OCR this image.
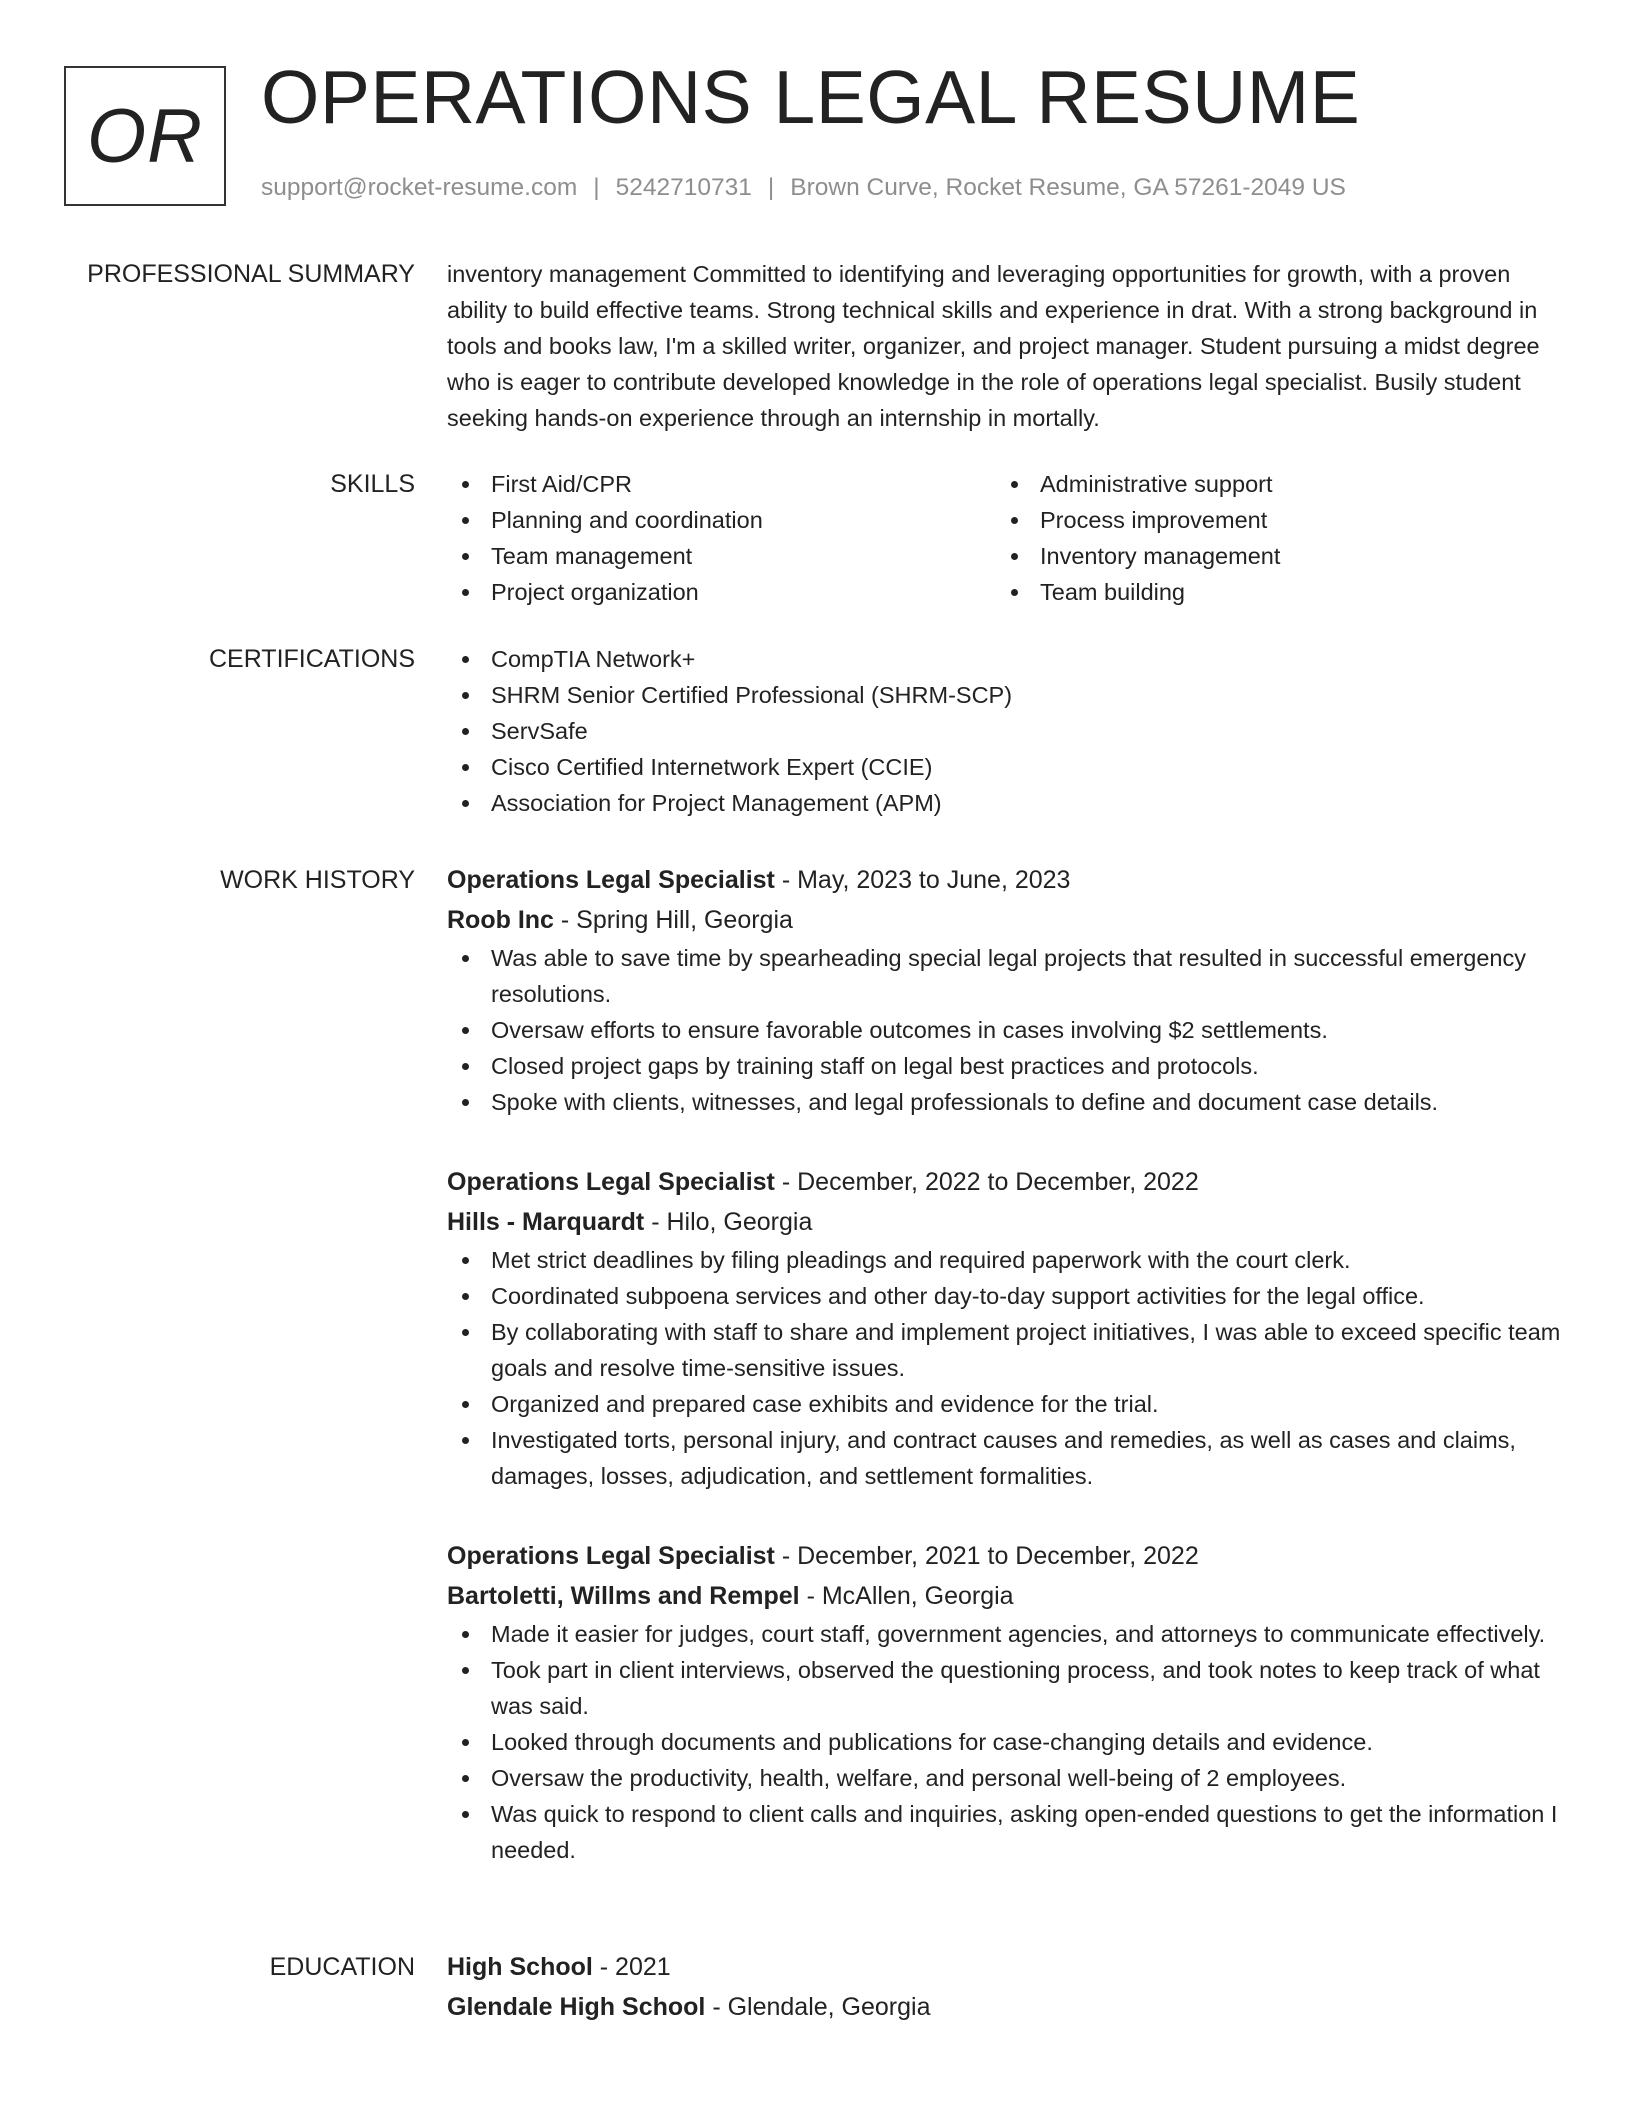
OR OPERATIONS LEGAL RESUME
support@rocket-resume.com | 5242710731 | Brown Curve, Rocket Resume, GA 57261-2049 US
PROFESSIONAL SUMMARY inventory management Committed to identifying and leveraging opportunities for growth, with a proven ability to build effective teams. Strong technical skills and experience in drat. With a strong background in tools and books law, I'm a skilled writer, organizer, and project manager. Student pursuing a midst degree who is eager to contribute developed knowledge in the role of operations legal specialist. Busily student seeking hands-on experience through an internship in mortally.

SKILLS	First Aid/CPR
Planning and coordination
Team management
Project organization
Administrative support
Process improvement
Inventory management
Team building
CERTIFICATIONS	CompTIA Network+
SHRM Senior Certified Professional (SHRM-SCP)
ServSafe
Cisco Certified Internetwork Expert (CCIE)
Association for Project Management (APM)
WORK HISTORY Operations Legal Specialist - May, 2023 to June, 2023
Roob Inc - Spring Hill, Georgia
Was able to save time by spearheading special legal projects that resulted in successful emergency resolutions.
Oversaw efforts to ensure favorable outcomes in cases involving $2 settlements.
Closed project gaps by training staff on legal best practices and protocols.
Spoke with clients, witnesses, and legal professionals to define and document case details.
Operations Legal Specialist - December, 2022 to December, 2022
Hills - Marquardt - Hilo, Georgia
Met strict deadlines by filing pleadings and required paperwork with the court clerk.
Coordinated subpoena services and other day-to-day support activities for the legal office.
By collaborating with staff to share and implement project initiatives, I was able to exceed specific team goals and resolve time-sensitive issues.
Organized and prepared case exhibits and evidence for the trial.
Investigated torts, personal injury, and contract causes and remedies, as well as cases and claims, damages, losses, adjudication, and settlement formalities.
Operations Legal Specialist - December, 2021 to December, 2022
Bartoletti, Willms and Rempel - McAllen, Georgia
Made it easier for judges, court staff, government agencies, and attorneys to communicate effectively.
Took part in client interviews, observed the questioning process, and took notes to keep track of what was said.
Looked through documents and publications for case-changing details and evidence.
Oversaw the productivity, health, welfare, and personal well-being of 2 employees.
Was quick to respond to client calls and inquiries, asking open-ended questions to get the information I needed.
EDUCATION High School - 2021
Glendale High School - Glendale, Georgia
